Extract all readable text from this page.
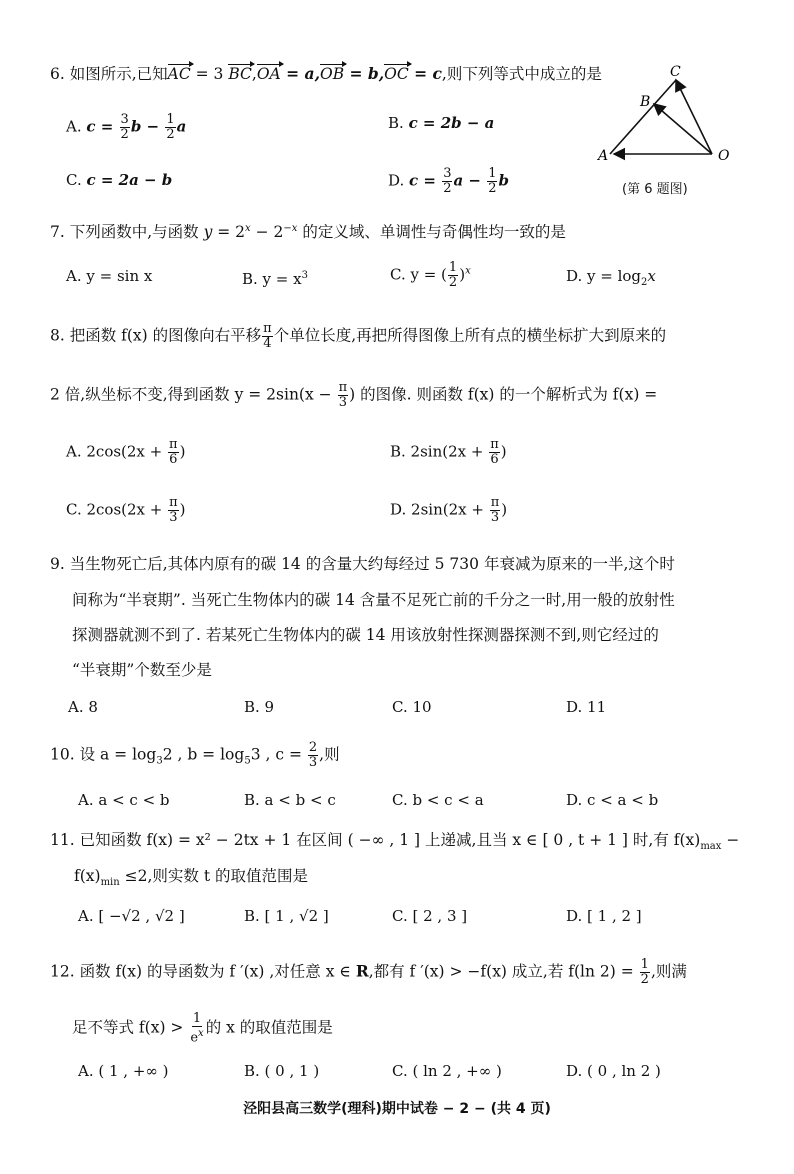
6. 如图所示,已知AC = 3 BC,OA = a,OB = b,OC = c,则下列等式中成立的是
A. $c = \frac{3}{2}$ $b - \frac{1}{2}$ a	B. c = 2b − a
C. c = 2a − b	D. $c = \frac{3}{2}$ $a - \frac{1}{2}$ b
C
B
A	O
(第 6 题图)
7. 下列函数中,与函数 $y = 2^x - 2^{-x}$ 的定义域、单调性与奇偶性均一致的是
A. y = sin x	B. $y = x^3$	C. y = ( $\frac{1}{2} )^x$	D. $y = \log_2x$
8. 把函数 f(x) 的图像向右平移 $\frac{\pi}{4}$ 个单位长度,再把所得图像上所有点的横坐标扩大到原来的
2 倍,纵坐标不变,得到函数 $y = 2\sin(x - \frac{\pi}{3}$ ) 的图像. 则函数 f(x) 的一个解析式为 f(x) =
A. $2\cos(2x + \frac{\pi}{6}$ )	B. $2\sin(2x + \frac{\pi}{6}$ )
C. $2\cos(2x + \frac{\pi}{3}$ )	D. $2\sin(2x + \frac{\pi}{3}$ )
9. 当生物死亡后,其体内原有的碳 14 的含量大约每经过 5 730 年衰减为原来的一半,这个时
间称为“半衰期”. 当死亡生物体内的碳 14 含量不足死亡前的千分之一时,用一般的放射性
探测器就测不到了. 若某死亡生物体内的碳 14 用该放射性探测器探测不到,则它经过的
“半衰期”个数至少是
A. 8	B. 9	C. 10	D. 11
10. 设 $a = \log_32$ , $b = \log_53$ , $c = \frac{2}{3}$ ,则
A. a < c < b	B. a < b < c	C. b < c < a	D. c < a < b
11. 已知函数 f(x) = x² − 2tx + 1 在区间 ( −∞ , 1 ] 上递减,且当 x ∈ [ 0 , t + 1 ] 时,有 $f(x)_{max}$ −
$f(x)_{min} \le 2$,则实数 t 的取值范围是
A. [ −√2 , √2 ]	B. [ 1 , √2 ]	C. [ 2 , 3 ]	D. [ 1 , 2 ]
12. 函数 f(x) 的导函数为 f ′(x) ,对任意 x ∈ R,都有 f ′(x) > −f(x) 成立,若 f(ln $2) = \frac{1}{2}$ ,则满
足不等式 $f(x) > \frac{1}{e^x}$ 的 x 的取值范围是
A. ( 1 , +∞ )	B. ( 0 , 1 )	C. ( ln 2 , +∞ )	D. ( 0 , ln 2 )
泾阳县高三数学(理科)期中试卷 − 2 − (共 4 页)
